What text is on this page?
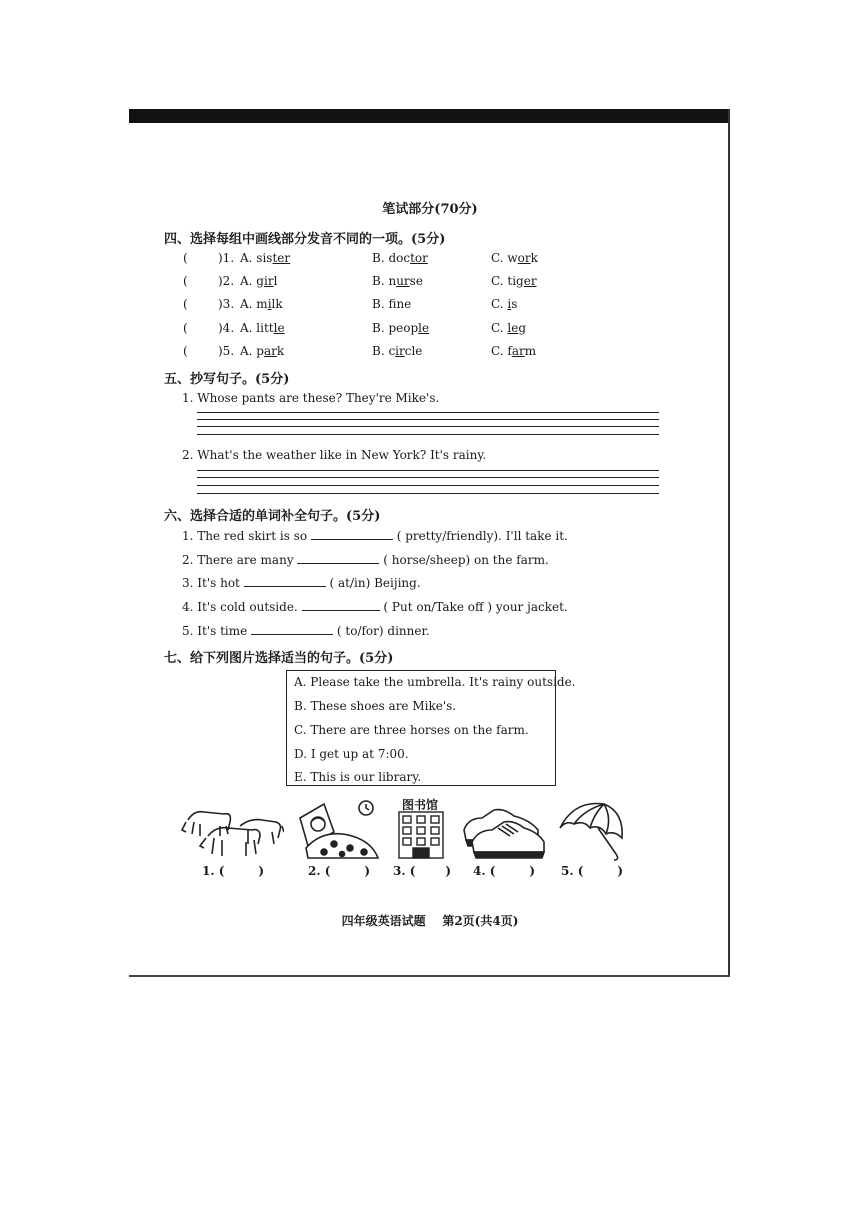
笔试部分(70分)
四、选择每组中画线部分发音不同的一项。(5分)
(	)1. A. sister	B. doctor	C. work
(	)2. A. girl	B. nurse	C. tiger
(	)3. A. milk	B. fne	C. is
(	)4. A. little	B. people	C. leg
(	)5. A. park	B. circle	C. farm
五、抄写句子。(5分)
1. Whose pants are these? They're Mike's.
2. What's the weather like in New York? It's rainy.
六、选择合适的单词补全句子。(5分)
1. The red skirt is so	( pretty/friendly). I'll take it.
2. There are many	( horse/sheep) on the farm.
3. It's hot	( at/in) Beijing.
4. It's cold outside.	( Put on/Take off ) your jacket.
5. It's time	( to/for) dinner.
七、给下列图片选择适当的句子。(5分)
A. Please take the umbrella. It's rainy outside.
B. These shoes are Mike's.
C. There are three horses on the farm.
D. I get up at 7:00.
E. This is our library.
图书馆
1. (	)	2. (	) 3. (	) 4. (	) 5. (	)
四年级英语试题    第2页(共4页)
